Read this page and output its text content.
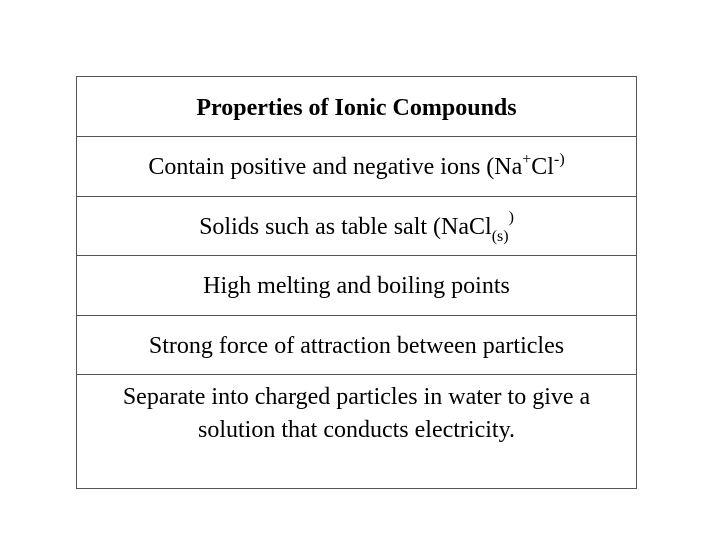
Properties of Ionic Compounds
Contain positive and negative ions (Na+Cl-)
Solids such as table salt (NaCl$_{(s)}$)
High melting and boiling points
Strong force of attraction between particles
Separate into charged particles in water to give a
solution that conducts electricity.
